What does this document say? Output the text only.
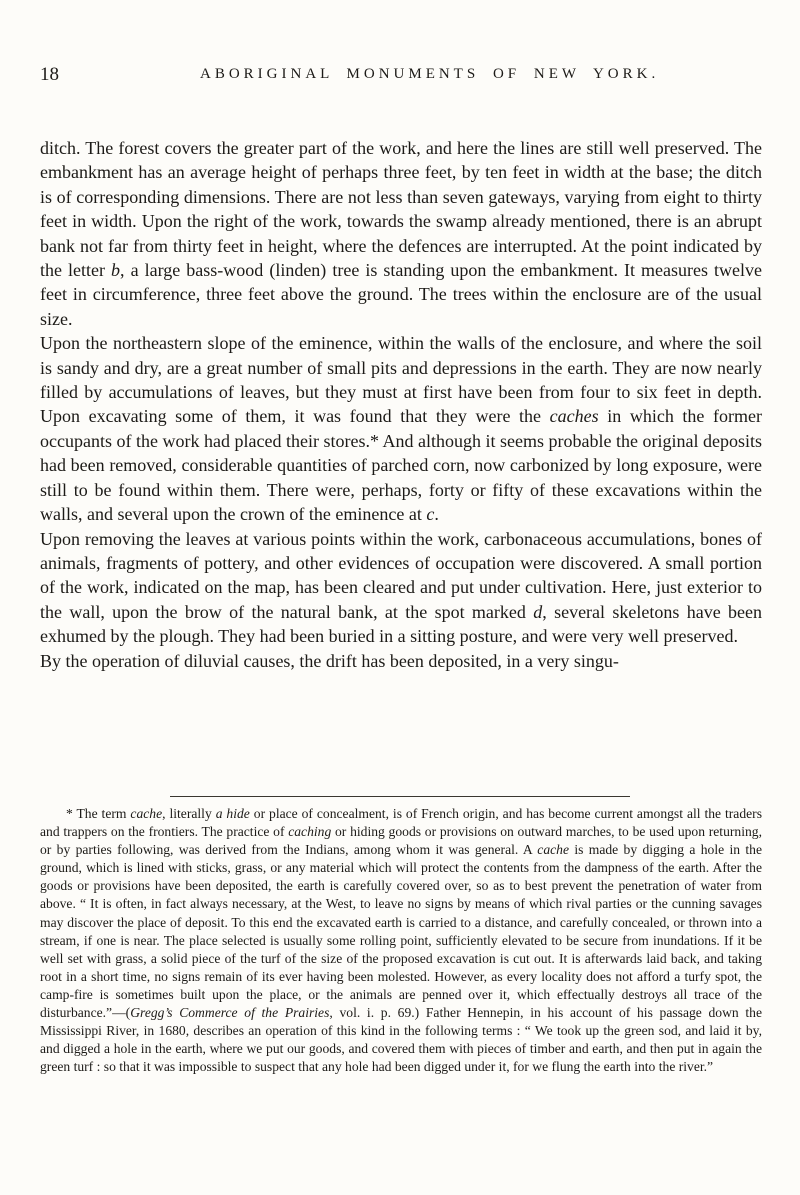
18	ABORIGINAL MONUMENTS OF NEW YORK.

ditch. The forest covers the greater part of the work, and here the lines are still well preserved. The embankment has an average height of perhaps three feet, by ten feet in width at the base; the ditch is of corresponding dimensions. There are not less than seven gateways, varying from eight to thirty feet in width. Upon the right of the work, towards the swamp already mentioned, there is an abrupt bank not far from thirty feet in height, where the defences are interrupted. At the point indicated by the letter b, a large bass-wood (linden) tree is standing upon the embankment. It measures twelve feet in circumference, three feet above the ground. The trees within the enclosure are of the usual size.

Upon the northeastern slope of the eminence, within the walls of the enclosure, and where the soil is sandy and dry, are a great number of small pits and depressions in the earth. They are now nearly filled by accumulations of leaves, but they must at first have been from four to six feet in depth. Upon excavating some of them, it was found that they were the caches in which the former occupants of the work had placed their stores.* And although it seems probable the original deposits had been removed, considerable quantities of parched corn, now carbonized by long exposure, were still to be found within them. There were, perhaps, forty or fifty of these excavations within the walls, and several upon the crown of the eminence at c.

Upon removing the leaves at various points within the work, carbonaceous accumulations, bones of animals, fragments of pottery, and other evidences of occupation were discovered. A small portion of the work, indicated on the map, has been cleared and put under cultivation. Here, just exterior to the wall, upon the brow of the natural bank, at the spot marked d, several skeletons have been exhumed by the plough. They had been buried in a sitting posture, and were very well preserved.

By the operation of diluvial causes, the drift has been deposited, in a very singu-

* The term cache, literally a hide or place of concealment, is of French origin, and has become current amongst all the traders and trappers on the frontiers. The practice of caching or hiding goods or provisions on outward marches, to be used upon returning, or by parties following, was derived from the Indians, among whom it was general. A cache is made by digging a hole in the ground, which is lined with sticks, grass, or any material which will protect the contents from the dampness of the earth. After the goods or provisions have been deposited, the earth is carefully covered over, so as to best prevent the penetration of water from above. “ It is often, in fact always necessary, at the West, to leave no signs by means of which rival parties or the cunning savages may discover the place of deposit. To this end the excavated earth is carried to a distance, and carefully concealed, or thrown into a stream, if one is near. The place selected is usually some rolling point, sufficiently elevated to be secure from inundations. If it be well set with grass, a solid piece of the turf of the size of the proposed excavation is cut out. It is afterwards laid back, and taking root in a short time, no signs remain of its ever having been molested. However, as every locality does not afford a turfy spot, the camp-fire is sometimes built upon the place, or the animals are penned over it, which effectually destroys all trace of the disturbance.”—(Gregg’s Commerce of the Prairies, vol. i. p. 69.) Father Hennepin, in his account of his passage down the Mississippi River, in 1680, describes an operation of this kind in the following terms : “ We took up the green sod, and laid it by, and digged a hole in the earth, where we put our goods, and covered them with pieces of timber and earth, and then put in again the green turf : so that it was impossible to suspect that any hole had been digged under it, for we flung the earth into the river.”
